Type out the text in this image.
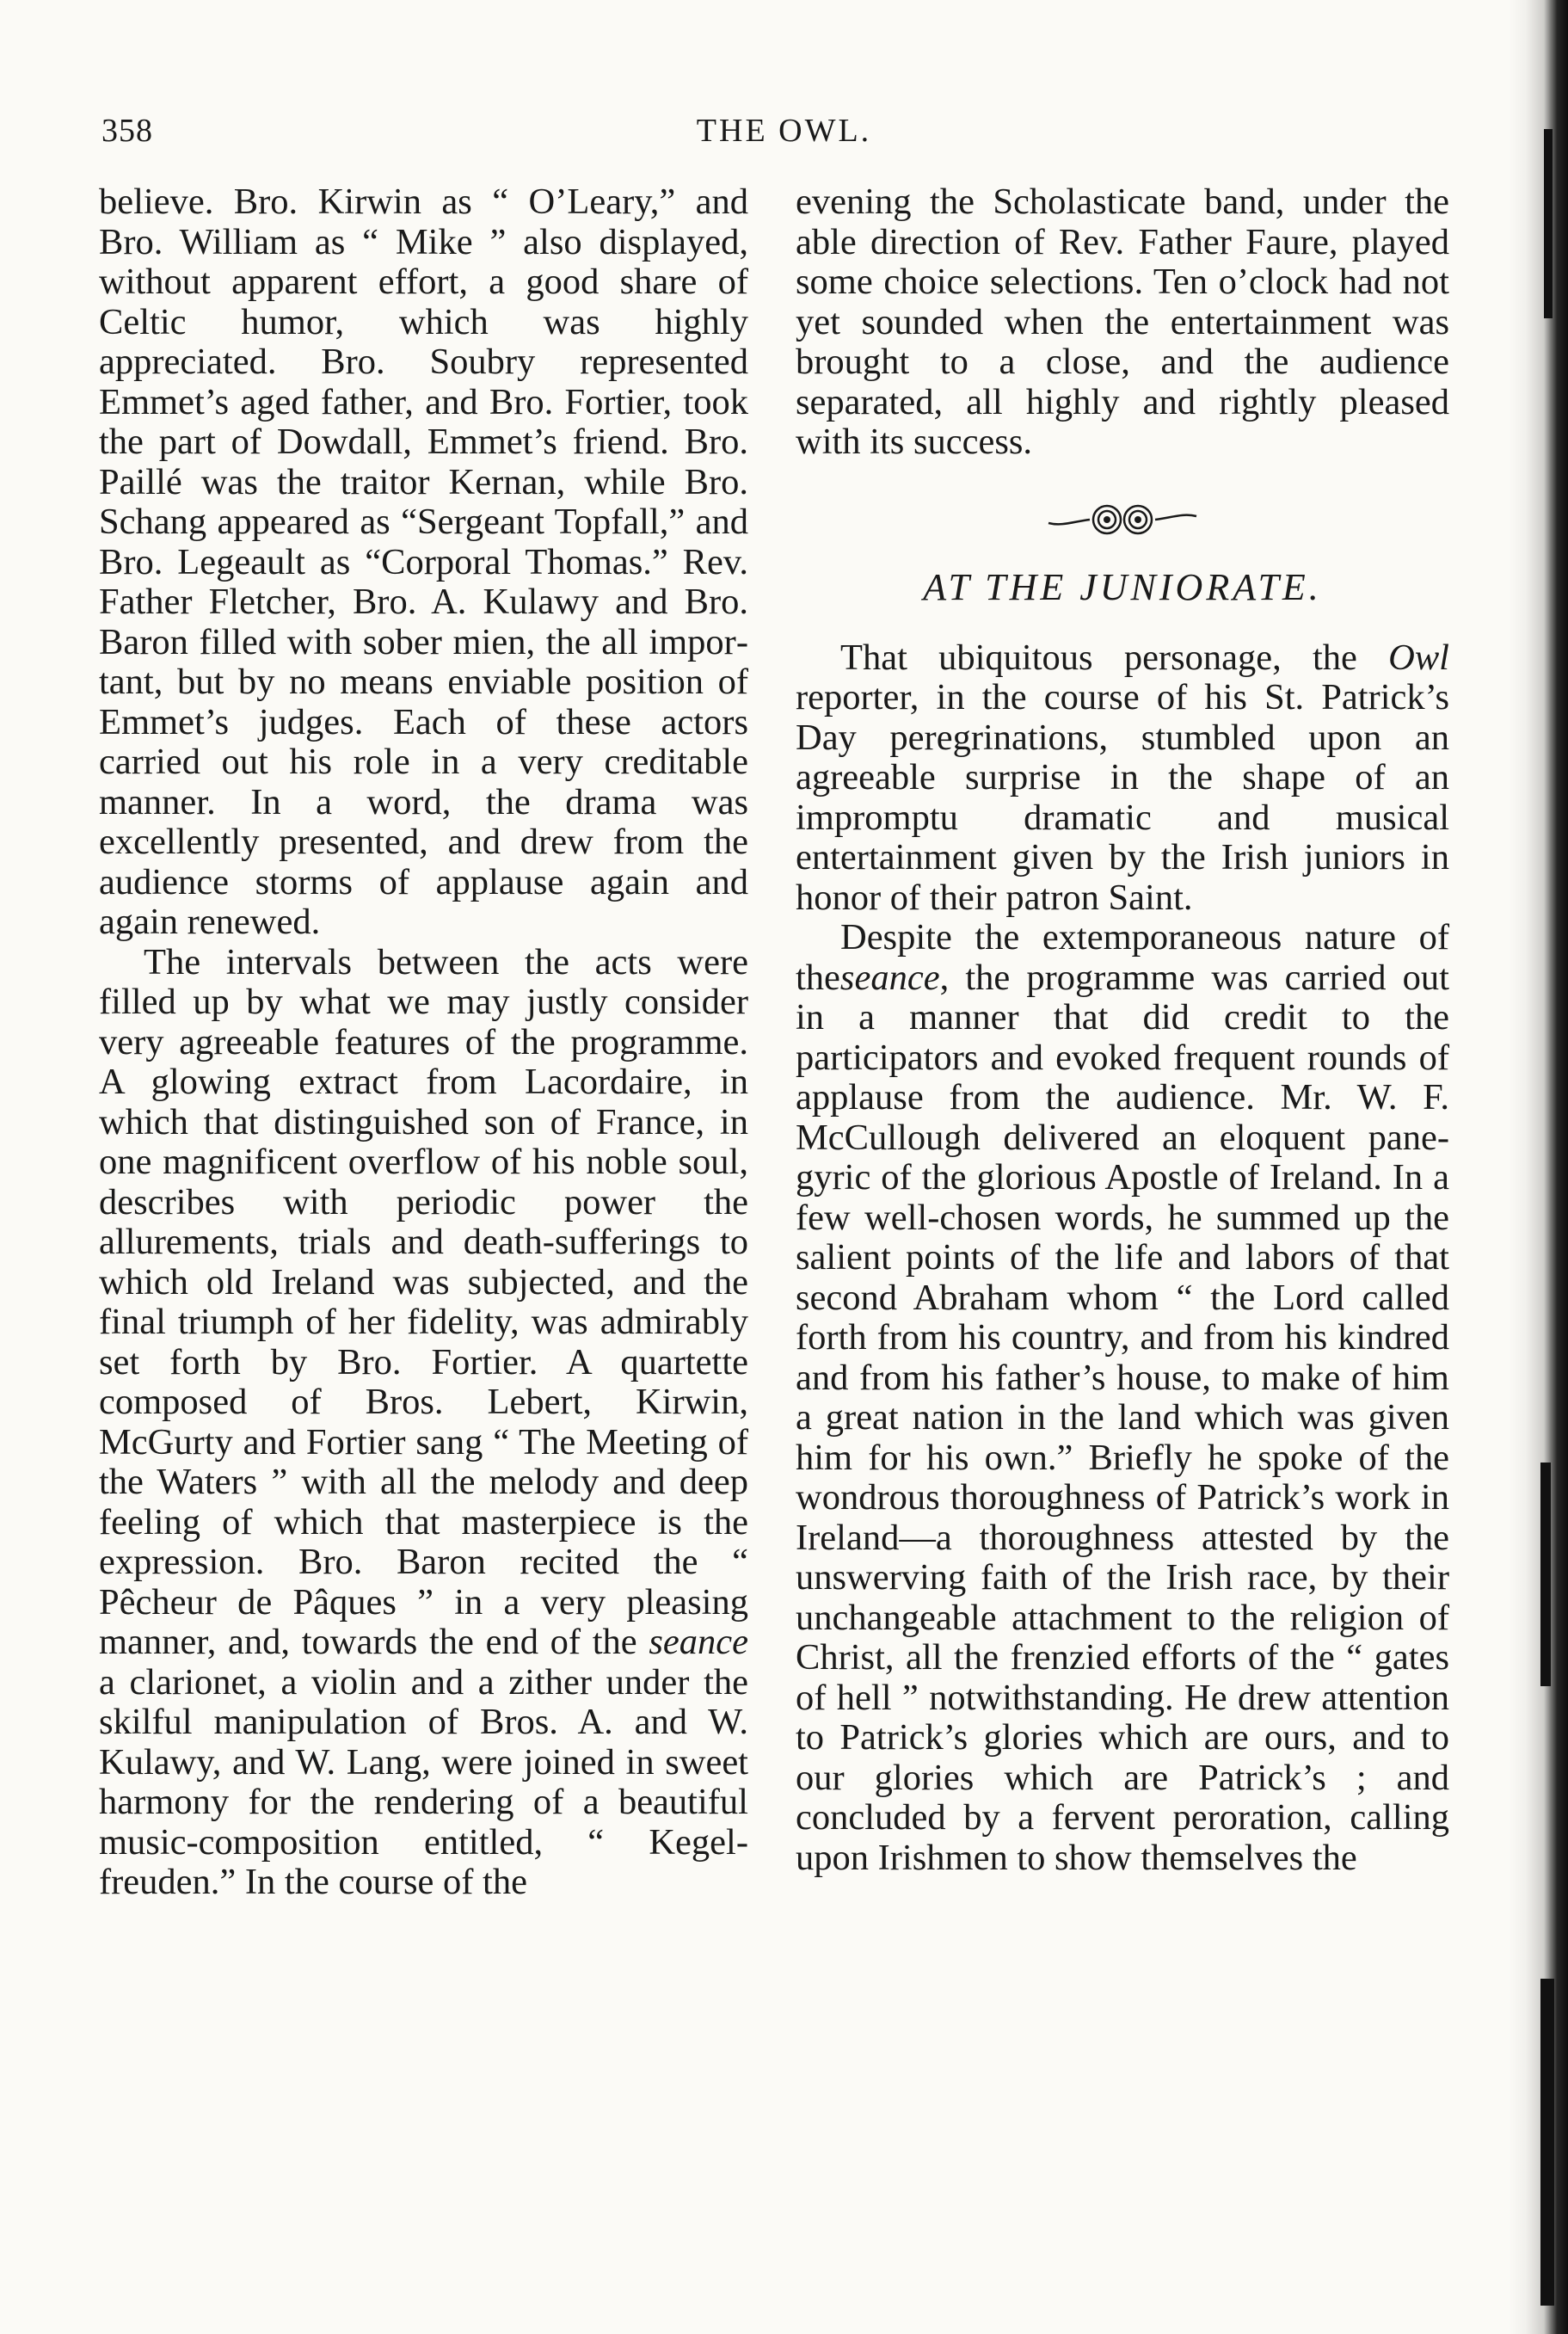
358	THE OWL.

believe. Bro. Kirwin as “ O’Leary,” and Bro. William as “ Mike ” also displayed, without apparent effort, a good share of Celtic humor, which was highly appreciated. Bro. Soubry represented Emmet’s aged father, and Bro. Fortier, took the part of Dowdall, Emmet’s friend. Bro. Paillé was the traitor Kernan, while Bro. Schang appeared as “Sergeant Topfall,” and Bro. Legeault as “Corporal Thomas.” Rev. Father Fletcher, Bro. A. Kulawy and Bro. Baron filled with sober mien, the all important, but by no means enviable position of Emmet’s judges. Each of these actors carried out his role in a very creditable manner. In a word, the drama was excellently presented, and drew from the audience storms of applause again and again renewed.

The intervals between the acts were filled up by what we may justly consider very agreeable features of the programme. A glowing extract from Lacordaire, in which that distinguished son of France, in one magnificent overflow of his noble soul, describes with periodic power the allurements, trials and death-sufferings to which old Ireland was subjected, and the final triumph of her fidelity, was admirably set forth by Bro. Fortier. A quartette composed of Bros. Lebert, Kirwin, McGurty and Fortier sang “ The Meeting of the Waters ” with all the melody and deep feeling of which that masterpiece is the expression. Bro. Baron recited the “ Pêcheur de Pâques ” in a very pleasing manner, and, towards the end of the seance a clarionet, a violin and a zither under the skilful manipulation of Bros. A. and W. Kulawy, and W. Lang, were joined in sweet harmony for the rendering of a beautiful music-composition entitled, “ Kegelfreuden.” In the course of the

evening the Scholasticate band, under the able direction of Rev. Father Faure, played some choice selections. Ten o’clock had not yet sounded when the entertainment was brought to a close, and the audience separated, all highly and rightly pleased with its success.

AT THE JUNIORATE.

That ubiquitous personage, the Owl reporter, in the course of his St. Patrick’s Day peregrinations, stumbled upon an agreeable surprise in the shape of an impromptu dramatic and musical entertainment given by the Irish juniors in honor of their patron Saint.

Despite the extemporaneous nature of theseance, the programme was carried out in a manner that did credit to the participators and evoked frequent rounds of applause from the audience. Mr. W. F. McCullough delivered an eloquent panegyric of the glorious Apostle of Ireland. In a few well-chosen words, he summed up the salient points of the life and labors of that second Abraham whom “ the Lord called forth from his country, and from his kindred and from his father’s house, to make of him a great nation in the land which was given him for his own.” Briefly he spoke of the wondrous thoroughness of Patrick’s work in Ireland—a thoroughness attested by the unswerving faith of the Irish race, by their unchangeable attachment to the religion of Christ, all the frenzied efforts of the “ gates of hell ” notwithstanding. He drew attention to Patrick’s glories which are ours, and to our glories which are Patrick’s ; and concluded by a fervent peroration, calling upon Irishmen to show themselves the
